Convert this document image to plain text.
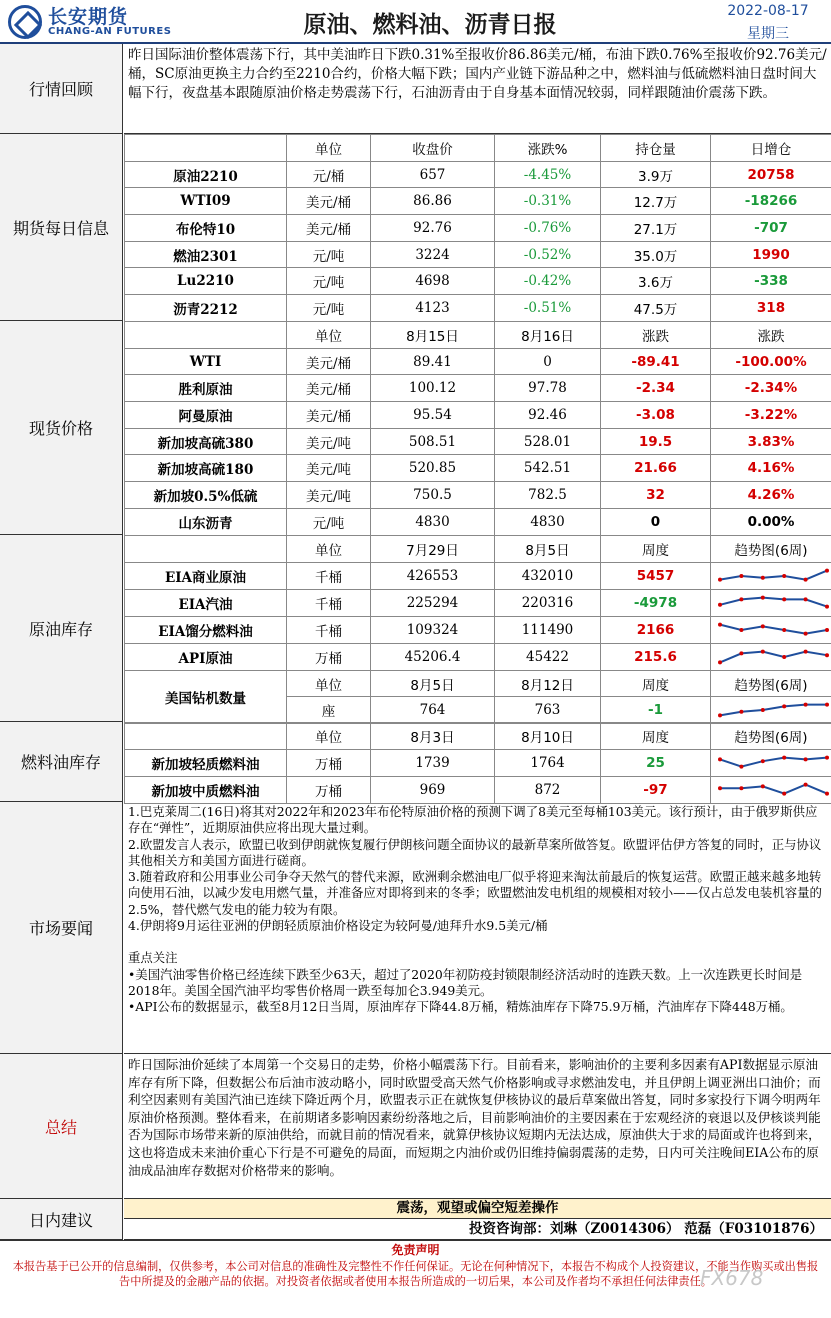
长安期货
CHANG-AN FUTURES	原油、燃料油、沥青日报
2022-08-17
星期三
行情回顾
昨日国际油价整体震荡下行，其中美油昨日下跌0.31%至报收价86.86美元/桶，布油下跌0.76%至报收价92.76美元/桶，SC原油更换主力合约至2210合约，价格大幅下跌；国内产业链下游品种之中，燃料油与低硫燃料油日盘时间大幅下行，夜盘基本跟随原油价格走势震荡下行，石油沥青由于自身基本面情况较弱，同样跟随油价震荡下跌。
期货每日信息
	单位	收盘价	涨跌%	持仓量	日增仓
原油2210	元/桶	657	-4.45%	3.9万	20758
WTI09	美元/桶	86.86	-0.31%	12.7万	-18266
布伦特10	美元/桶	92.76	-0.76%	27.1万	-707
燃油2301	元/吨	3224	-0.52%	35.0万	1990
Lu2210	元/吨	4698	-0.42%	3.6万	-338
沥青2212	元/吨	4123	-0.51%	47.5万	318
现货价格
	单位	8月15日	8月16日	涨跌	涨跌
WTI	美元/桶	89.41	0	-89.41	-100.00%
胜利原油	美元/桶	100.12	97.78	-2.34	-2.34%
阿曼原油	美元/桶	95.54	92.46	-3.08	-3.22%
新加坡高硫380	美元/吨	508.51	528.01	19.5	3.83%
新加坡高硫180	美元/吨	520.85	542.51	21.66	4.16%
新加坡0.5%低硫	美元/吨	750.5	782.5	32	4.26%
山东沥青	元/吨	4830	4830	0	0.00%
原油库存
	单位	7月29日	8月5日	周度	趋势图(6周)
EIA商业原油	千桶	426553	432010	5457	

EIA汽油	千桶	225294	220316	-4978	

EIA馏分燃料油	千桶	109324	111490	2166	

API原油	万桶	45206.4	45422	215.6	

美国钻机数量	单位	8月5日	8月12日	周度	趋势图(6周)
	座	764	763	-1	
燃料油库存
	单位	8月3日	8月10日	周度	趋势图(6周)
新加坡轻质燃料油	万桶	1739	1764	25	

新加坡中质燃料油	万桶	969	872	-97	
市场要闻
1.巴克莱周二(16日)将其对2022年和2023年布伦特原油价格的预测下调了8美元至每桶103美元。该行预计，由于俄罗斯供应存在“弹性”，近期原油供应将出现大量过剩。
2.欧盟发言人表示，欧盟已收到伊朗就恢复履行伊朗核问题全面协议的最新草案所做答复。欧盟评估伊方答复的同时，正与协议其他相关方和美国方面进行磋商。
3.随着政府和公用事业公司争夺天然气的替代来源，欧洲剩余燃油电厂似乎将迎来淘汰前最后的恢复运营。欧盟正越来越多地转向使用石油，以减少发电用燃气量，并准备应对即将到来的冬季；欧盟燃油发电机组的规模相对较小——仅占总发电装机容量的2.5%，替代燃气发电的能力较为有限。
4.伊朗将9月运往亚洲的伊朗轻质原油价格设定为较阿曼/迪拜升水9.5美元/桶
重点关注
•美国汽油零售价格已经连续下跌至少63天，超过了2020年初防疫封锁限制经济活动时的连跌天数。上一次连跌更长时间是2018年。美国全国汽油平均零售价格周一跌至每加仑3.949美元。
•API公布的数据显示，截至8月12日当周，原油库存下降44.8万桶，精炼油库存下降75.9万桶，汽油库存下降448万桶。
总结
昨日国际油价延续了本周第一个交易日的走势，价格小幅震荡下行。目前看来，影响油价的主要利多因素有API数据显示原油库存有所下降，但数据公布后油市波动略小，同时欧盟受高天然气价格影响或寻求燃油发电，并且伊朗上调亚洲出口油价；而利空因素则有美国汽油已连续下降近两个月，欧盟表示正在就恢复伊核协议的最后草案做出答复，同时多家投行下调今明两年原油价格预测。整体看来，在前期诸多影响因素纷纷落地之后，目前影响油价的主要因素在于宏观经济的衰退以及伊核谈判能否为国际市场带来新的原油供给，而就目前的情况看来，就算伊核协议短期内无法达成，原油供大于求的局面或许也将到来，这也将造成未来油价重心下行是不可避免的局面，而短期之内油价或仍旧维持偏弱震荡的走势，日内可关注晚间EIA公布的原油成品油库存数据对价格带来的影响。
日内建议
震荡，观望或偏空短差操作
投资咨询部：刘琳（Z0014306） 范磊（F03101876）
免责声明
本报告基于已公开的信息编制，仅供参考，本公司对信息的准确性及完整性不作任何保证。无论在何种情况下，本报告不构成个人投资建议，不能当作购买或出售报告中所提及的金融产品的依据。对投资者依据或者使用本报告所造成的一切后果，本公司及作者均不承担任何法律责任。
FX678
